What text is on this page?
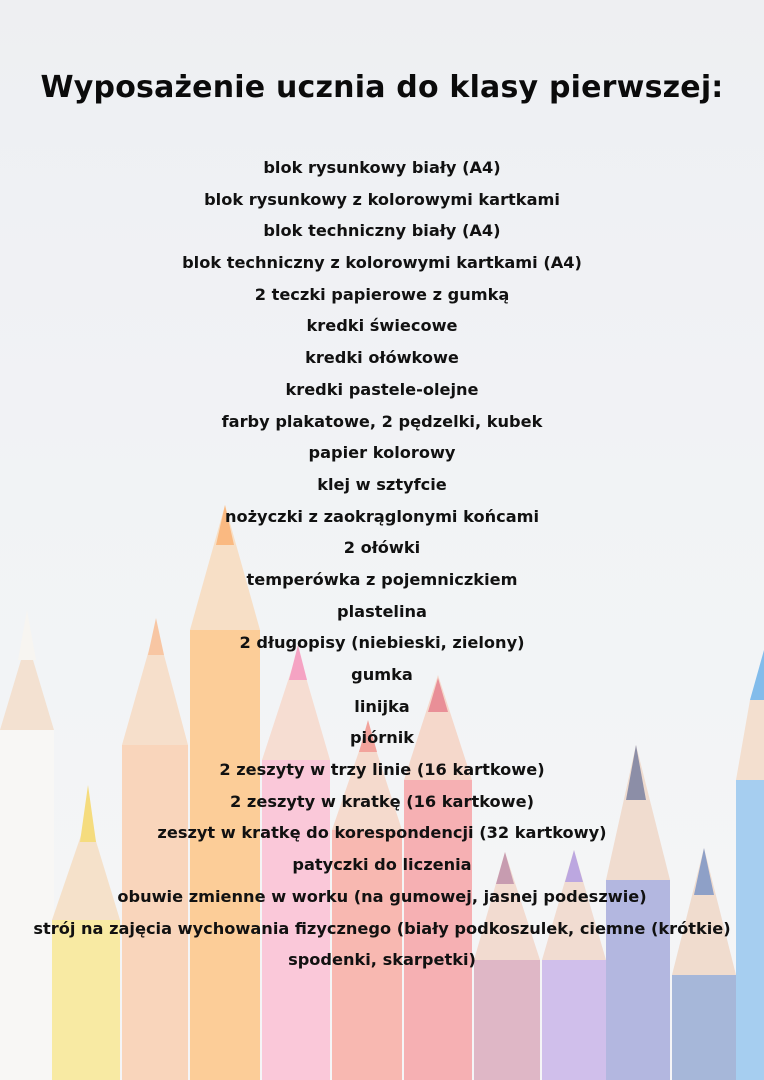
Wyposażenie ucznia do klasy pierwszej:
blok rysunkowy biały (A4)
blok rysunkowy z kolorowymi kartkami
blok techniczny biały (A4)
blok techniczny z kolorowymi kartkami (A4)
2 teczki papierowe z gumką
kredki świecowe
kredki ołówkowe
kredki pastele-olejne
farby plakatowe, 2 pędzelki, kubek
papier kolorowy
klej w sztyfcie
nożyczki z zaokrąglonymi końcami
2 ołówki
temperówka z pojemniczkiem
plastelina
2 długopisy (niebieski, zielony)
gumka
linijka
piórnik
2 zeszyty w trzy linie (16 kartkowe)
2 zeszyty w kratkę (16 kartkowe)
zeszyt w kratkę do korespondencji (32 kartkowy)
patyczki do liczenia
obuwie zmienne w worku (na gumowej, jasnej podeszwie)
strój na zajęcia wychowania fizycznego (biały podkoszulek, ciemne (krótkie)
spodenki, skarpetki)
